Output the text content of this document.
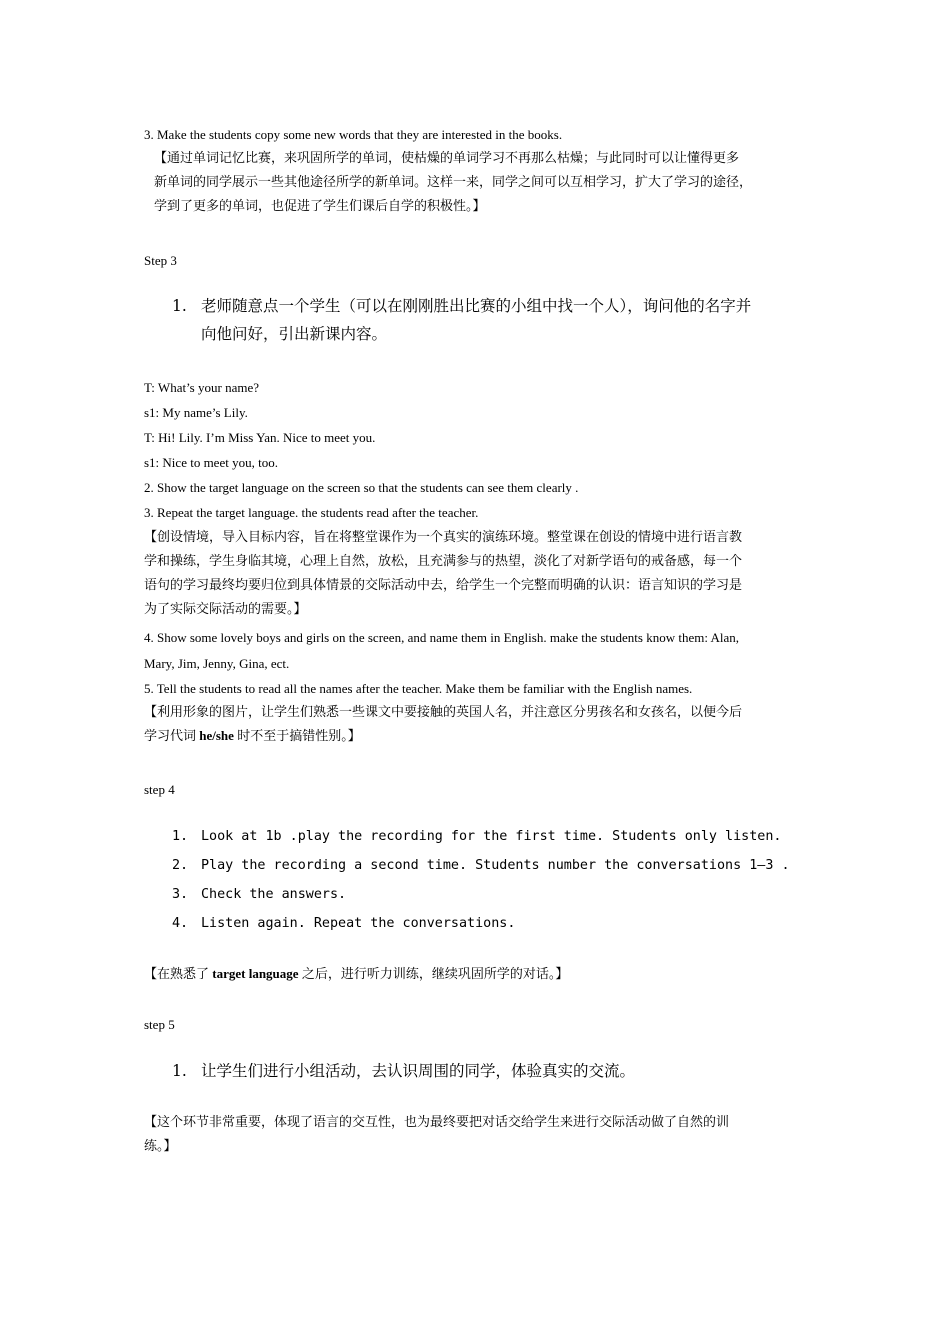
3. Make the students copy some new words that they are interested in the books.
【通过单词记忆比赛，来巩固所学的单词，使枯燥的单词学习不再那么枯燥；与此同时可以让懂得更多
新单词的同学展示一些其他途径所学的新单词。这样一来，同学之间可以互相学习，扩大了学习的途径，
学到了更多的单词，也促进了学生们课后自学的积极性。】
Step 3
1. 老师随意点一个学生（可以在刚刚胜出比赛的小组中找一个人），询问他的名字并
向他问好，引出新课内容。
T: What’s your name?
s1: My name’s Lily.
T: Hi! Lily. I’m Miss Yan. Nice to meet you.
s1: Nice to meet you, too.
2. Show the target language on the screen so that the students can see them clearly .
3. Repeat the target language. the students read after the teacher.
【创设情境，导入目标内容，旨在将整堂课作为一个真实的演练环境。整堂课在创设的情境中进行语言教
学和操练，学生身临其境，心理上自然，放松，且充满参与的热望，淡化了对新学语句的戒备感，每一个
语句的学习最终均要归位到具体情景的交际活动中去，给学生一个完整而明确的认识：语言知识的学习是
为了实际交际活动的需要。】
4. Show some lovely boys and girls on the screen, and name them in English. make the students know them: Alan,
Mary, Jim, Jenny, Gina, ect.
5. Tell the students to read all the names after the teacher. Make them be familiar with the English names.
【利用形象的图片，让学生们熟悉一些课文中要接触的英国人名，并注意区分男孩名和女孩名，以便今后
学习代词 he/she 时不至于搞错性别。】
step 4
1. Look at 1b .play the recording for the first time. Students only listen.
2. Play the recording a second time. Students number the conversations 1—3 .
3. Check the answers.
4. Listen again. Repeat the conversations.
【在熟悉了 target language 之后，进行听力训练，继续巩固所学的对话。】
step 5
1. 让学生们进行小组活动，去认识周围的同学，体验真实的交流。
【这个环节非常重要，体现了语言的交互性，也为最终要把对话交给学生来进行交际活动做了自然的训
练。】
